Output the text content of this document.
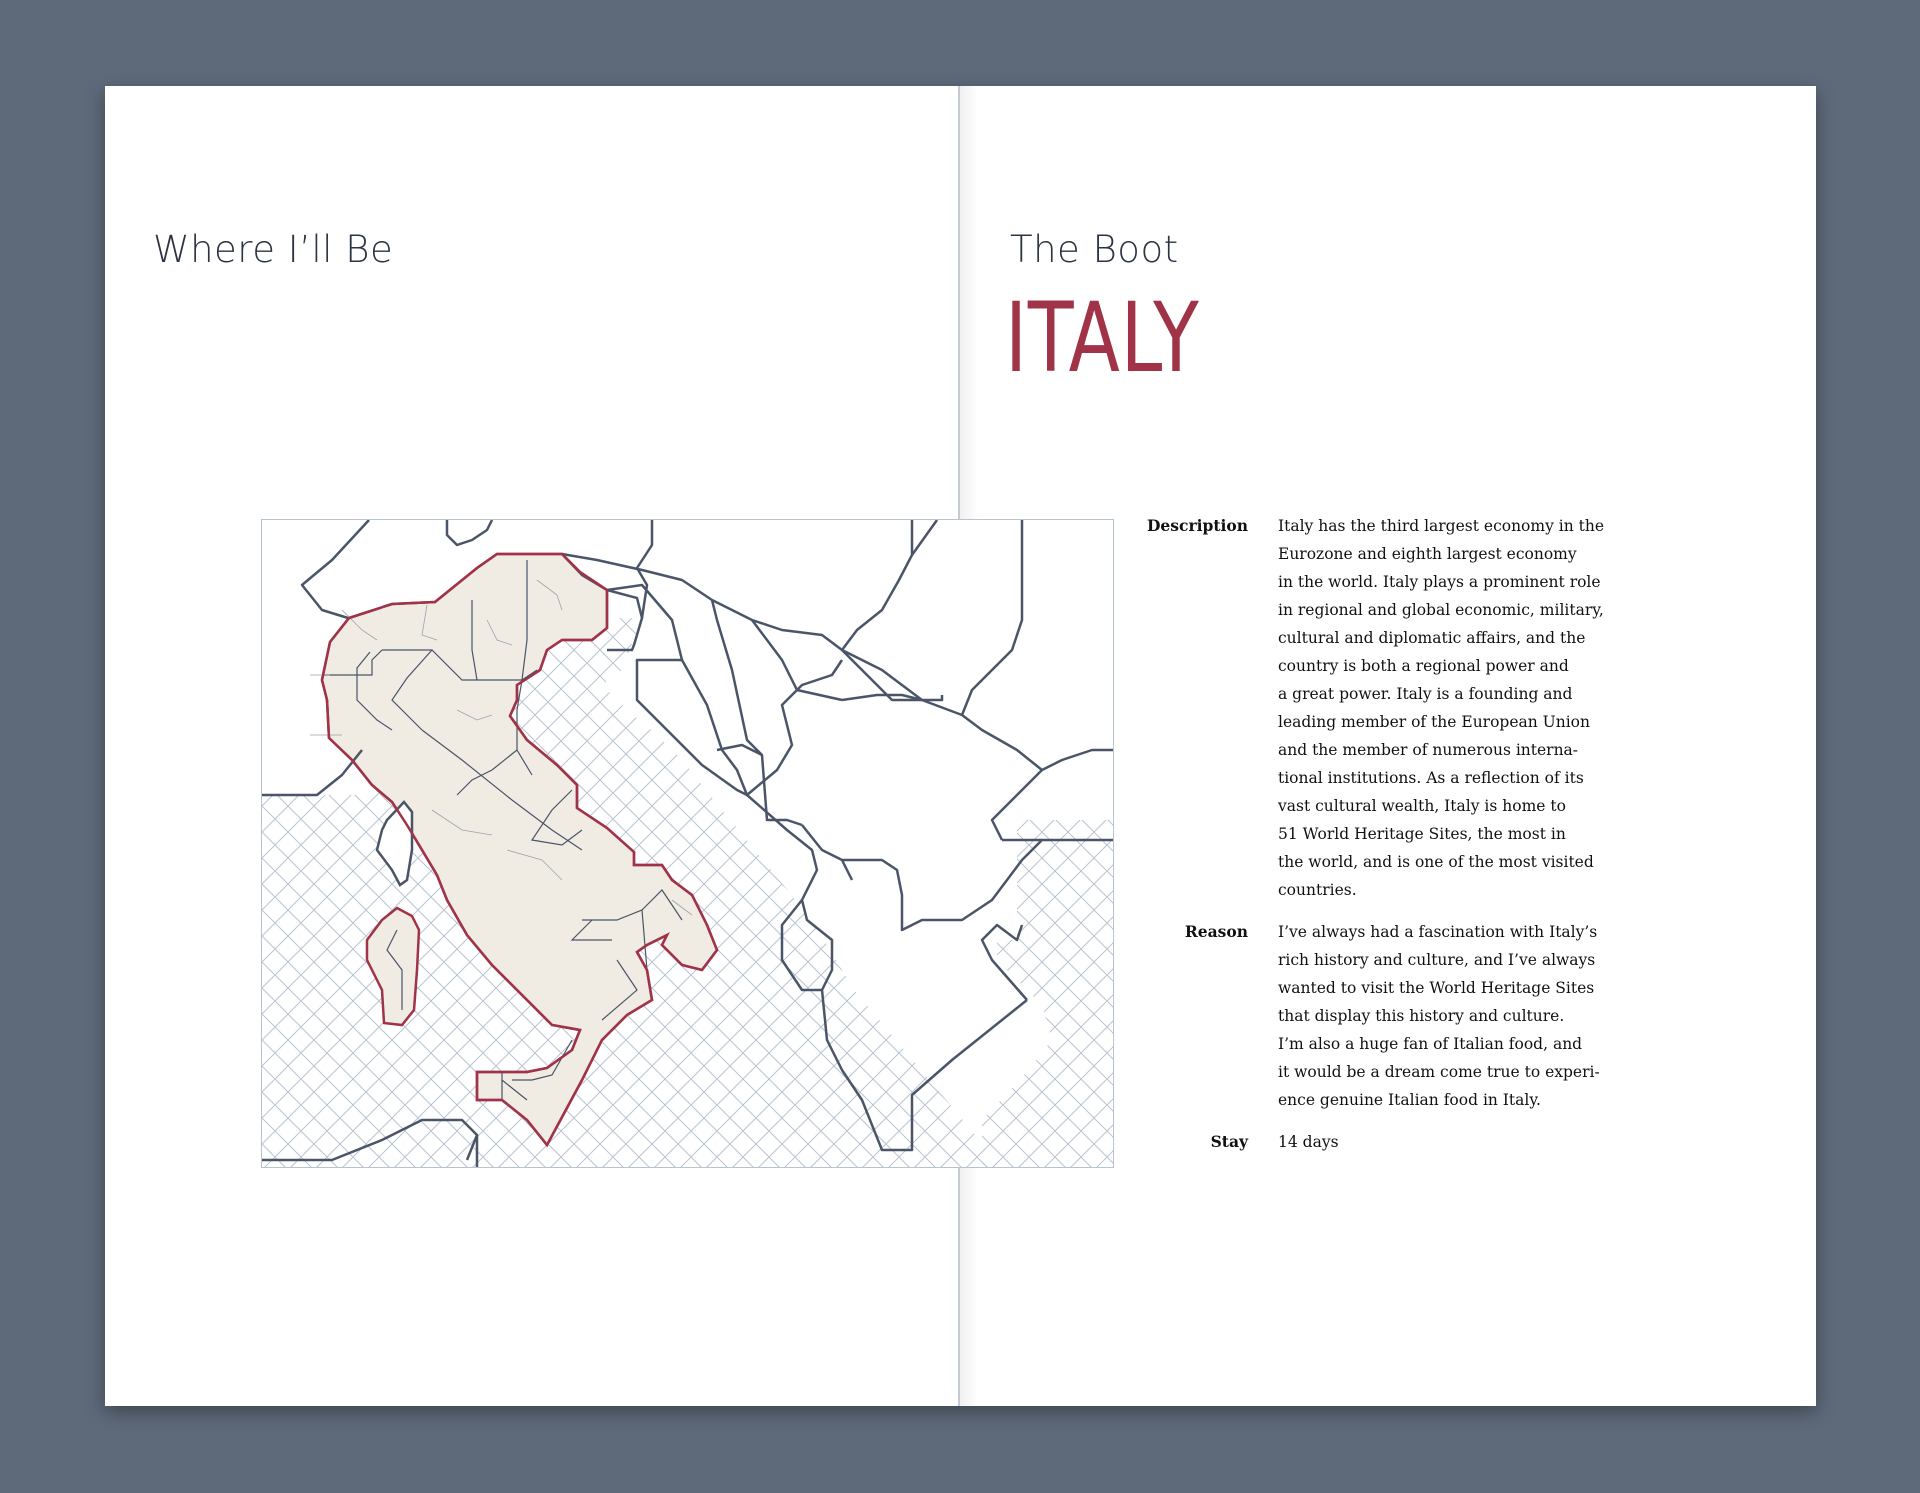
Where I’ll Be	The Boot
ITALY
Description	Italy has the third largest economy in the
Eurozone and eighth largest economy
in the world. Italy plays a prominent role
in regional and global economic, military,
cultural and diplomatic affairs, and the
country is both a regional power and
a great power. Italy is a founding and
leading member of the European Union
and the member of numerous interna-
tional institutions. As a reflection of its
vast cultural wealth, Italy is home to
51 World Heritage Sites, the most in
the world, and is one of the most visited
countries.
Reason	I’ve always had a fascination with Italy’s
rich history and culture, and I’ve always
wanted to visit the World Heritage Sites
that display this history and culture.
I’m also a huge fan of Italian food, and
it would be a dream come true to experi-
ence genuine Italian food in Italy.
Stay	14 days
